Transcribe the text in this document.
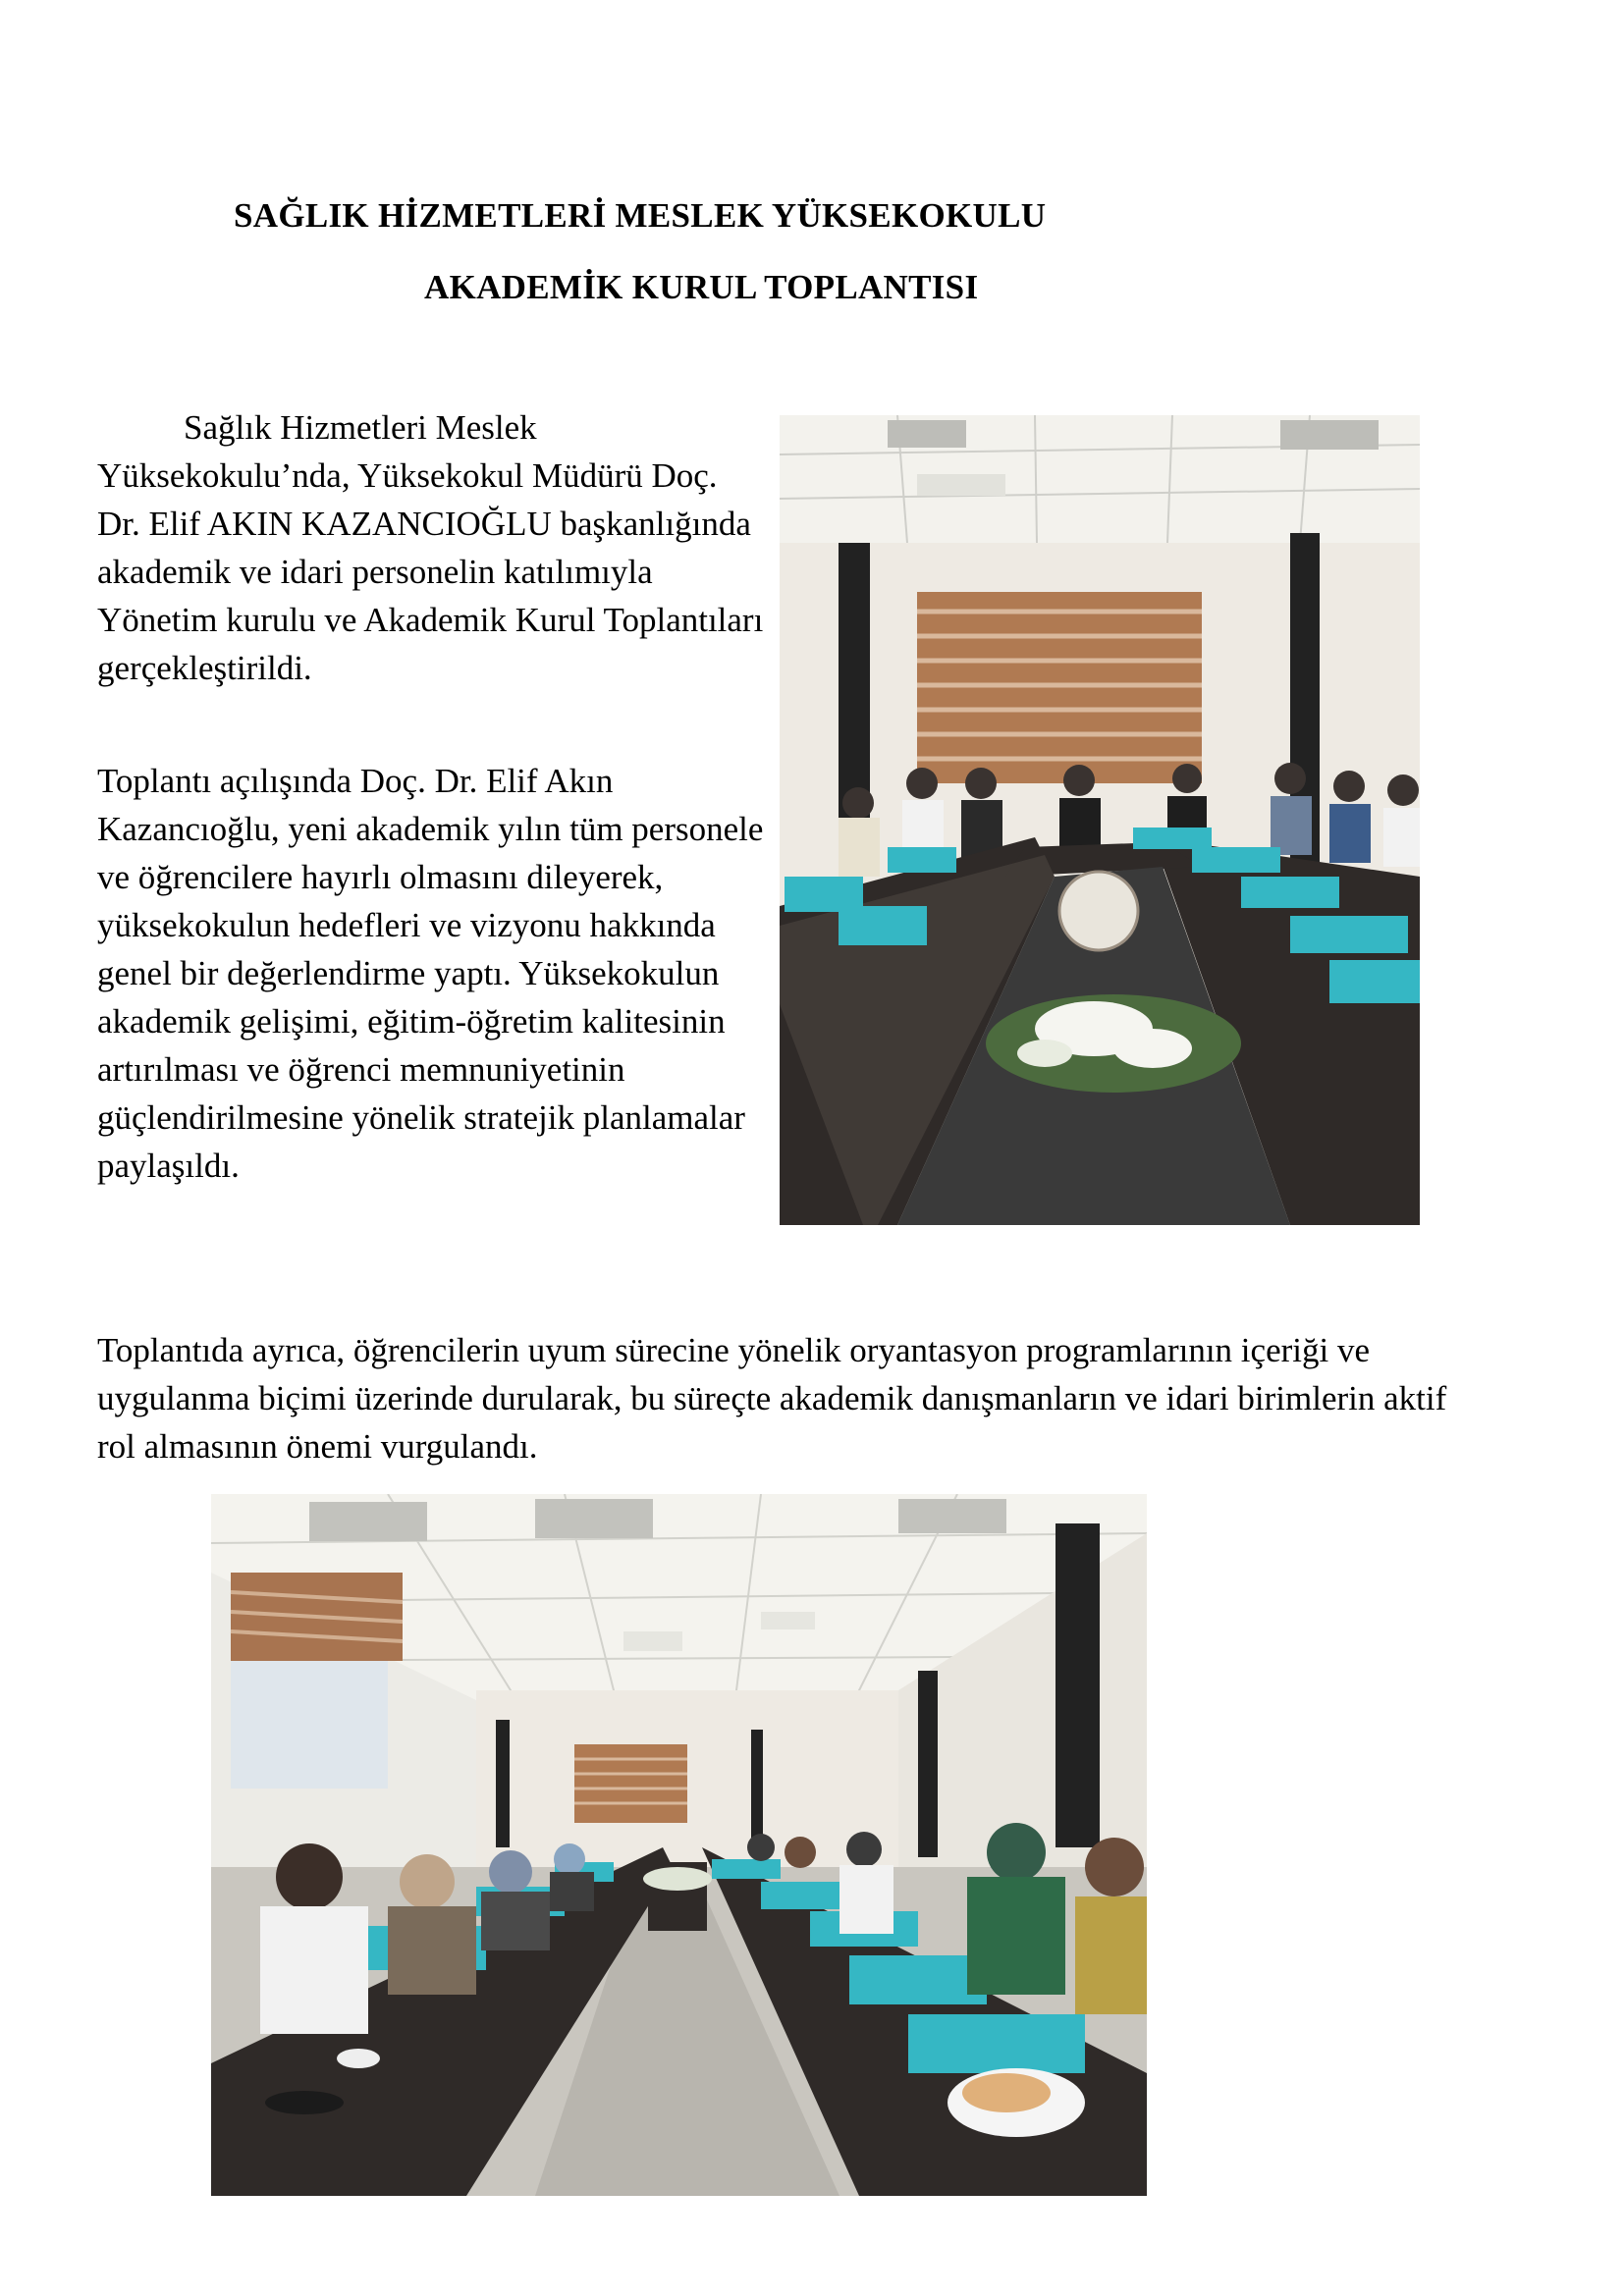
SAĞLIK HİZMETLERİ MESLEK YÜKSEKOKULU
AKADEMİK KURUL TOPLANTISI

Sağlık Hizmetleri Meslek Yüksekokulu’nda, Yüksekokul Müdürü Doç. Dr. Elif AKIN KAZANCIOĞLU başkanlığında akademik ve idari personelin katılımıyla Yönetim kurulu ve Akademik Kurul Toplantıları gerçekleştirildi.

Toplantı açılışında Doç. Dr. Elif Akın Kazancıoğlu, yeni akademik yılın tüm personele ve öğrencilere hayırlı olmasını dileyerek, yüksekokulun hedefleri ve vizyonu hakkında genel bir değerlendirme yaptı. Yüksekokulun akademik gelişimi, eğitim-öğretim kalitesinin artırılması ve öğrenci memnuniyetinin güçlendirilmesine yönelik stratejik planlamalar paylaşıldı.

Toplantıda ayrıca, öğrencilerin uyum sürecine yönelik oryantasyon programlarının içeriği ve uygulanma biçimi üzerinde durularak, bu süreçte akademik danışmanların ve idari birimlerin aktif rol almasının önemi vurgulandı.
